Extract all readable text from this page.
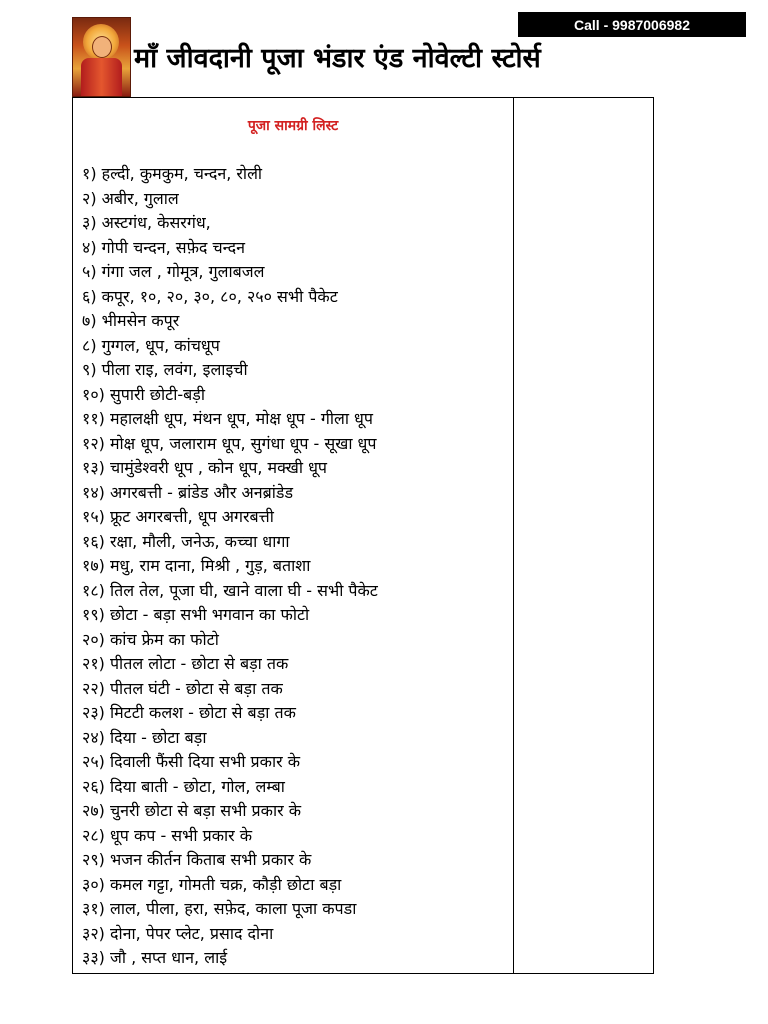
Call - 9987006982
माँ जीवदानी पूजा भंडार एंड नोवेल्टी स्टोर्स
पूजा सामग्री लिस्ट
१) हल्दी, कुमकुम, चन्दन, रोली
२) अबीर, गुलाल
३) अस्टगंध, केसरगंध,
४) गोपी चन्दन, सफ़ेद चन्दन
५) गंगा जल , गोमूत्र, गुलाबजल
६) कपूर, १०, २०, ३०, ८०, २५० सभी पैकेट
७) भीमसेन कपूर
८) गुग्गल, धूप, कांचधूप
९) पीला राइ, लवंग, इलाइची
१०) सुपारी छोटी-बड़ी
११) महालक्षी धूप, मंथन धूप, मोक्ष धूप - गीला धूप
१२) मोक्ष धूप, जलाराम धूप, सुगंधा धूप - सूखा धूप
१३) चामुंडेश्वरी धूप , कोन धूप, मक्खी धूप
१४) अगरबत्ती - ब्रांडेड और अनब्रांडेड
१५) फ्रूट अगरबत्ती, धूप अगरबत्ती
१६) रक्षा, मौली, जनेऊ, कच्चा धागा
१७) मधु, राम दाना, मिश्री , गुड़, बताशा
१८) तिल तेल, पूजा घी, खाने वाला घी - सभी पैकेट
१९) छोटा - बड़ा सभी भगवान का फोटो
२०) कांच फ्रेम का फोटो
२१) पीतल लोटा - छोटा से बड़ा तक
२२) पीतल घंटी - छोटा से बड़ा तक
२३) मिटटी कलश - छोटा से बड़ा तक
२४) दिया - छोटा बड़ा
२५) दिवाली फैंसी दिया सभी प्रकार के
२६) दिया बाती - छोटा, गोल, लम्बा
२७) चुनरी छोटा से बड़ा सभी प्रकार के
२८) धूप कप - सभी प्रकार के
२९) भजन कीर्तन किताब सभी प्रकार के
३०) कमल गट्टा, गोमती चक्र, कौड़ी छोटा बड़ा
३१) लाल, पीला, हरा, सफ़ेद, काला पूजा कपडा
३२) दोना, पेपर प्लेट, प्रसाद दोना
३३) जौ , सप्त धान, लाई
